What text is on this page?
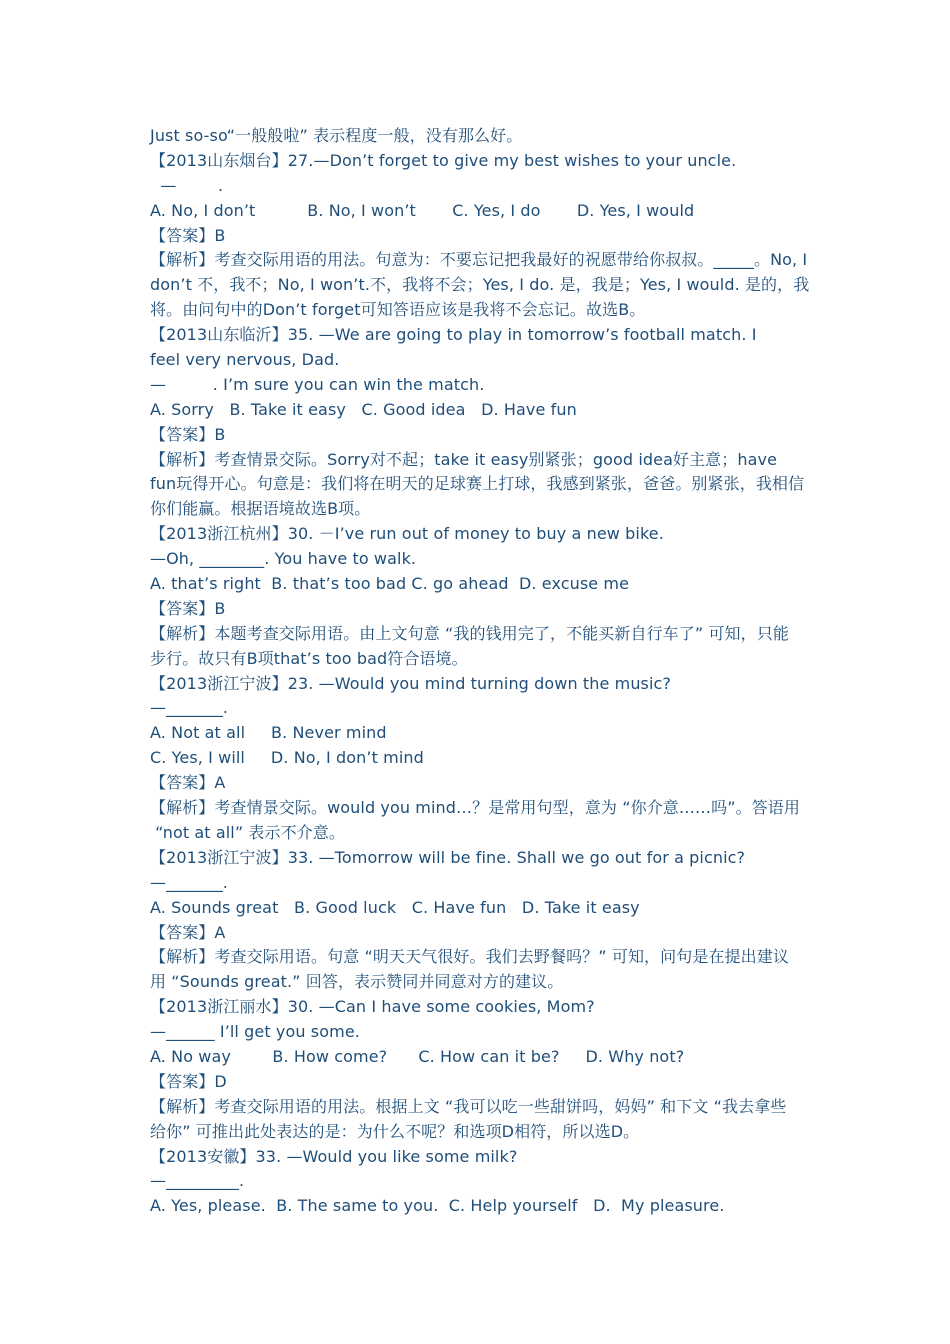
Just so-so“一般般啦” 表示程度一般，没有那么好。
【2013山东烟台】27.—Don’t forget to give my best wishes to your uncle.
—        .
A. No, I don’t          B. No, I won’t       C. Yes, I do       D. Yes, I would
【答案】B
【解析】考查交际用语的用法。句意为：不要忘记把我最好的祝愿带给你叔叔。_____。No, I
don’t 不，我不；No, I won’t.不，我将不会；Yes, I do. 是，我是；Yes, I would. 是的，我
将。由问句中的Don’t forget可知答语应该是我将不会忘记。故选B。
【2013山东临沂】35. —We are going to play in tomorrow’s football match. I
feel very nervous, Dad.
—         . I’m sure you can win the match.
A. Sorry   B. Take it easy   C. Good idea   D. Have fun
【答案】B
【解析】考查情景交际。Sorry对不起；take it easy别紧张；good idea好主意；have
fun玩得开心。句意是：我们将在明天的足球赛上打球，我感到紧张，爸爸。别紧张，我相信
你们能赢。根据语境故选B项。
【2013浙江杭州】30. －I’ve run out of money to buy a new bike.
—Oh, ________. You have to walk.
A. that’s right  B. that’s too bad C. go ahead  D. excuse me
【答案】B
【解析】本题考查交际用语。由上文句意 “我的钱用完了，不能买新自行车了” 可知，只能
步行。故只有B项that’s too bad符合语境。
【2013浙江宁波】23. —Would you mind turning down the music?
—_______.
A. Not at all     B. Never mind
C. Yes, I will     D. No, I don’t mind
【答案】A
【解析】考查情景交际。would you mind…？是常用句型，意为 “你介意……吗”。答语用
“not at all” 表示不介意。
【2013浙江宁波】33. —Tomorrow will be fine. Shall we go out for a picnic?
—_______.
A. Sounds great   B. Good luck   C. Have fun   D. Take it easy
【答案】A
【解析】考查交际用语。句意 “明天天气很好。我们去野餐吗？” 可知，问句是在提出建议
用 “Sounds great.” 回答，表示赞同并同意对方的建议。
【2013浙江丽水】30. —Can I have some cookies, Mom?
—______ I’ll get you some.
A. No way        B. How come?      C. How can it be?     D. Why not?
【答案】D
【解析】考查交际用语的用法。根据上文 “我可以吃一些甜饼吗，妈妈” 和下文 “我去拿些
给你” 可推出此处表达的是：为什么不呢？和选项D相符，所以选D。
【2013安徽】33. —Would you like some milk?
—_________.
A. Yes, please.  B. The same to you.  C. Help yourself   D.  My pleasure.
